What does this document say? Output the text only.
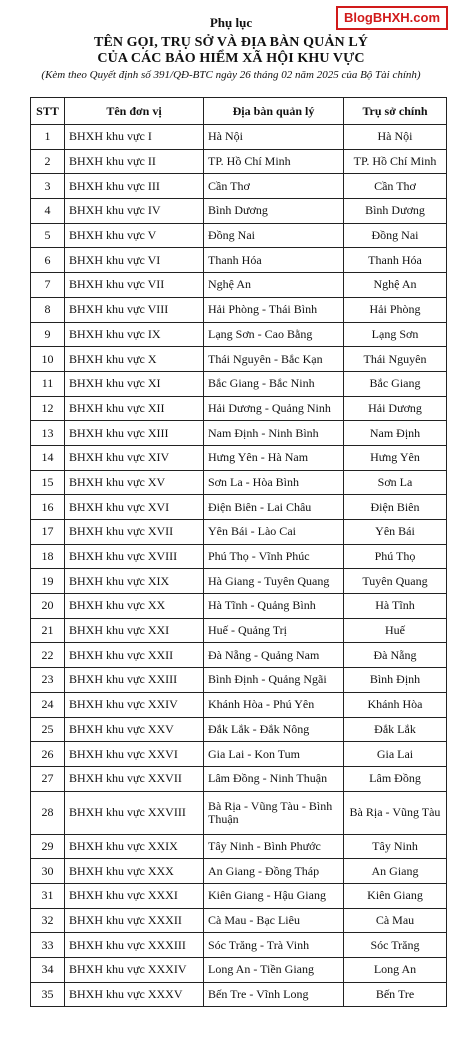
BlogBHXH.com
Phụ lục
TÊN GỌI, TRỤ SỞ VÀ ĐỊA BÀN QUẢN LÝ
CỦA CÁC BẢO HIỂM XÃ HỘI KHU VỰC
(Kèm theo Quyết định số 391/QĐ-BTC ngày 26 tháng 02 năm 2025 của Bộ Tài chính)
STT	Tên đơn vị	Địa bàn quản lý	Trụ sở chính
1	BHXH khu vực I	Hà Nội	Hà Nội
2	BHXH khu vực II	TP. Hồ Chí Minh	TP. Hồ Chí Minh
3	BHXH khu vực III	Cần Thơ	Cần Thơ
4	BHXH khu vực IV	Bình Dương	Bình Dương
5	BHXH khu vực V	Đồng Nai	Đồng Nai
6	BHXH khu vực VI	Thanh Hóa	Thanh Hóa
7	BHXH khu vực VII	Nghệ An	Nghệ An
8	BHXH khu vực VIII	Hải Phòng - Thái Bình	Hải Phòng
9	BHXH khu vực IX	Lạng Sơn - Cao Bằng	Lạng Sơn
10	BHXH khu vực X	Thái Nguyên - Bắc Kạn	Thái Nguyên
11	BHXH khu vực XI	Bắc Giang - Bắc Ninh	Bắc Giang
12	BHXH khu vực XII	Hải Dương - Quảng Ninh	Hải Dương
13	BHXH khu vực XIII	Nam Định - Ninh Bình	Nam Định
14	BHXH khu vực XIV	Hưng Yên - Hà Nam	Hưng Yên
15	BHXH khu vực XV	Sơn La - Hòa Bình	Sơn La
16	BHXH khu vực XVI	Điện Biên - Lai Châu	Điện Biên
17	BHXH khu vực XVII	Yên Bái - Lào Cai	Yên Bái
18	BHXH khu vực XVIII	Phú Thọ - Vĩnh Phúc	Phú Thọ
19	BHXH khu vực XIX	Hà Giang - Tuyên Quang	Tuyên Quang
20	BHXH khu vực XX	Hà Tĩnh - Quảng Bình	Hà Tĩnh
21	BHXH khu vực XXI	Huế - Quảng Trị	Huế
22	BHXH khu vực XXII	Đà Nẵng - Quảng Nam	Đà Nẵng
23	BHXH khu vực XXIII	Bình Định - Quảng Ngãi	Bình Định
24	BHXH khu vực XXIV	Khánh Hòa - Phú Yên	Khánh Hòa
25	BHXH khu vực XXV	Đắk Lắk - Đắk Nông	Đắk Lắk
26	BHXH khu vực XXVI	Gia Lai - Kon Tum	Gia Lai
27	BHXH khu vực XXVII	Lâm Đồng - Ninh Thuận	Lâm Đồng
28	BHXH khu vực XXVIII	Bà Rịa - Vũng Tàu - Bình Thuận	Bà Rịa - Vũng Tàu
29	BHXH khu vực XXIX	Tây Ninh - Bình Phước	Tây Ninh
30	BHXH khu vực XXX	An Giang - Đồng Tháp	An Giang
31	BHXH khu vực XXXI	Kiên Giang - Hậu Giang	Kiên Giang
32	BHXH khu vực XXXII	Cà Mau - Bạc Liêu	Cà Mau
33	BHXH khu vực XXXIII	Sóc Trăng - Trà Vinh	Sóc Trăng
34	BHXH khu vực XXXIV	Long An - Tiền Giang	Long An
35	BHXH khu vực XXXV	Bến Tre - Vĩnh Long	Bến Tre
